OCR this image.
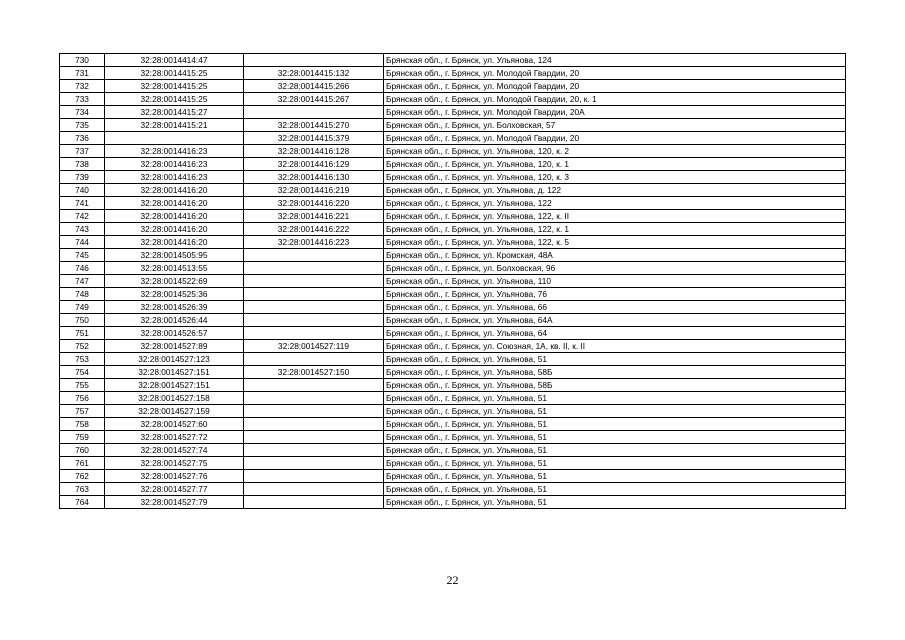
730	32:28:0014414:47		Брянская обл., г. Брянск, ул. Ульянова, 124
731	32:28:0014415:25	32:28:0014415:132	Брянская обл., г. Брянск, ул. Молодой Гвардии, 20
732	32:28:0014415:25	32:28:0014415:266	Брянская обл., г. Брянск, ул. Молодой Гвардии, 20
733	32:28:0014415:25	32:28:0014415:267	Брянская обл., г. Брянск, ул. Молодой Гвардии, 20, к. 1
734	32:28:0014415:27		Брянская обл., г. Брянск, ул. Молодой Гвардии, 20А
735	32:28:0014415:21	32:28:0014415:270	Брянская обл., г. Брянск, ул. Болховская, 57
736		32:28:0014415:379	Брянская обл., г. Брянск, ул. Молодой Гвардии, 20
737	32:28:0014416:23	32:28:0014416:128	Брянская обл., г. Брянск, ул. Ульянова, 120, к. 2
738	32:28:0014416:23	32:28:0014416:129	Брянская обл., г. Брянск, ул. Ульянова, 120, к. 1
739	32:28:0014416:23	32:28:0014416:130	Брянская обл., г. Брянск, ул. Ульянова, 120, к. 3
740	32:28:0014416:20	32:28:0014416:219	Брянская обл., г. Брянск, ул. Ульянова, д. 122
741	32:28:0014416:20	32:28:0014416:220	Брянская обл., г. Брянск, ул. Ульянова, 122
742	32:28:0014416:20	32:28:0014416:221	Брянская обл., г. Брянск, ул. Ульянова, 122, к. II
743	32:28:0014416:20	32:28:0014416:222	Брянская обл., г. Брянск, ул. Ульянова, 122, к. 1
744	32:28:0014416:20	32:28:0014416:223	Брянская обл., г. Брянск, ул. Ульянова, 122, к. 5
745	32:28:0014505:95		Брянская обл., г. Брянск, ул. Кромская, 48А
746	32:28:0014513:55		Брянская обл., г. Брянск, ул. Болховская, 96
747	32:28:0014522:69		Брянская обл., г. Брянск, ул. Ульянова, 110
748	32:28:0014525:36		Брянская обл., г. Брянск, ул. Ульянова, 76
749	32:28:0014526:39		Брянская обл., г. Брянск, ул. Ульянова, 66
750	32:28:0014526:44		Брянская обл., г. Брянск, ул. Ульянова, 64А
751	32:28:0014526:57		Брянская обл., г. Брянск, ул. Ульянова, 64
752	32:28:0014527:89	32:28:0014527:119	Брянская обл., г. Брянск, ул. Союзная, 1А, кв. II, к. II
753	32:28:0014527:123		Брянская обл., г. Брянск, ул. Ульянова, 51
754	32:28:0014527:151	32:28:0014527:150	Брянская обл., г. Брянск, ул. Ульянова, 58Б
755	32:28:0014527:151		Брянская обл., г. Брянск, ул. Ульянова, 58Б
756	32:28:0014527:158		Брянская обл., г. Брянск, ул. Ульянова, 51
757	32:28:0014527:159		Брянская обл., г. Брянск, ул. Ульянова, 51
758	32:28:0014527:60		Брянская обл., г. Брянск, ул. Ульянова, 51
759	32:28:0014527:72		Брянская обл., г. Брянск, ул. Ульянова, 51
760	32:28:0014527:74		Брянская обл., г. Брянск, ул. Ульянова, 51
761	32:28:0014527:75		Брянская обл., г. Брянск, ул. Ульянова, 51
762	32:28:0014527:76		Брянская обл., г. Брянск, ул. Ульянова, 51
763	32:28:0014527:77		Брянская обл., г. Брянск, ул. Ульянова, 51
764	32:28:0014527:79		Брянская обл., г. Брянск, ул. Ульянова, 51
22
